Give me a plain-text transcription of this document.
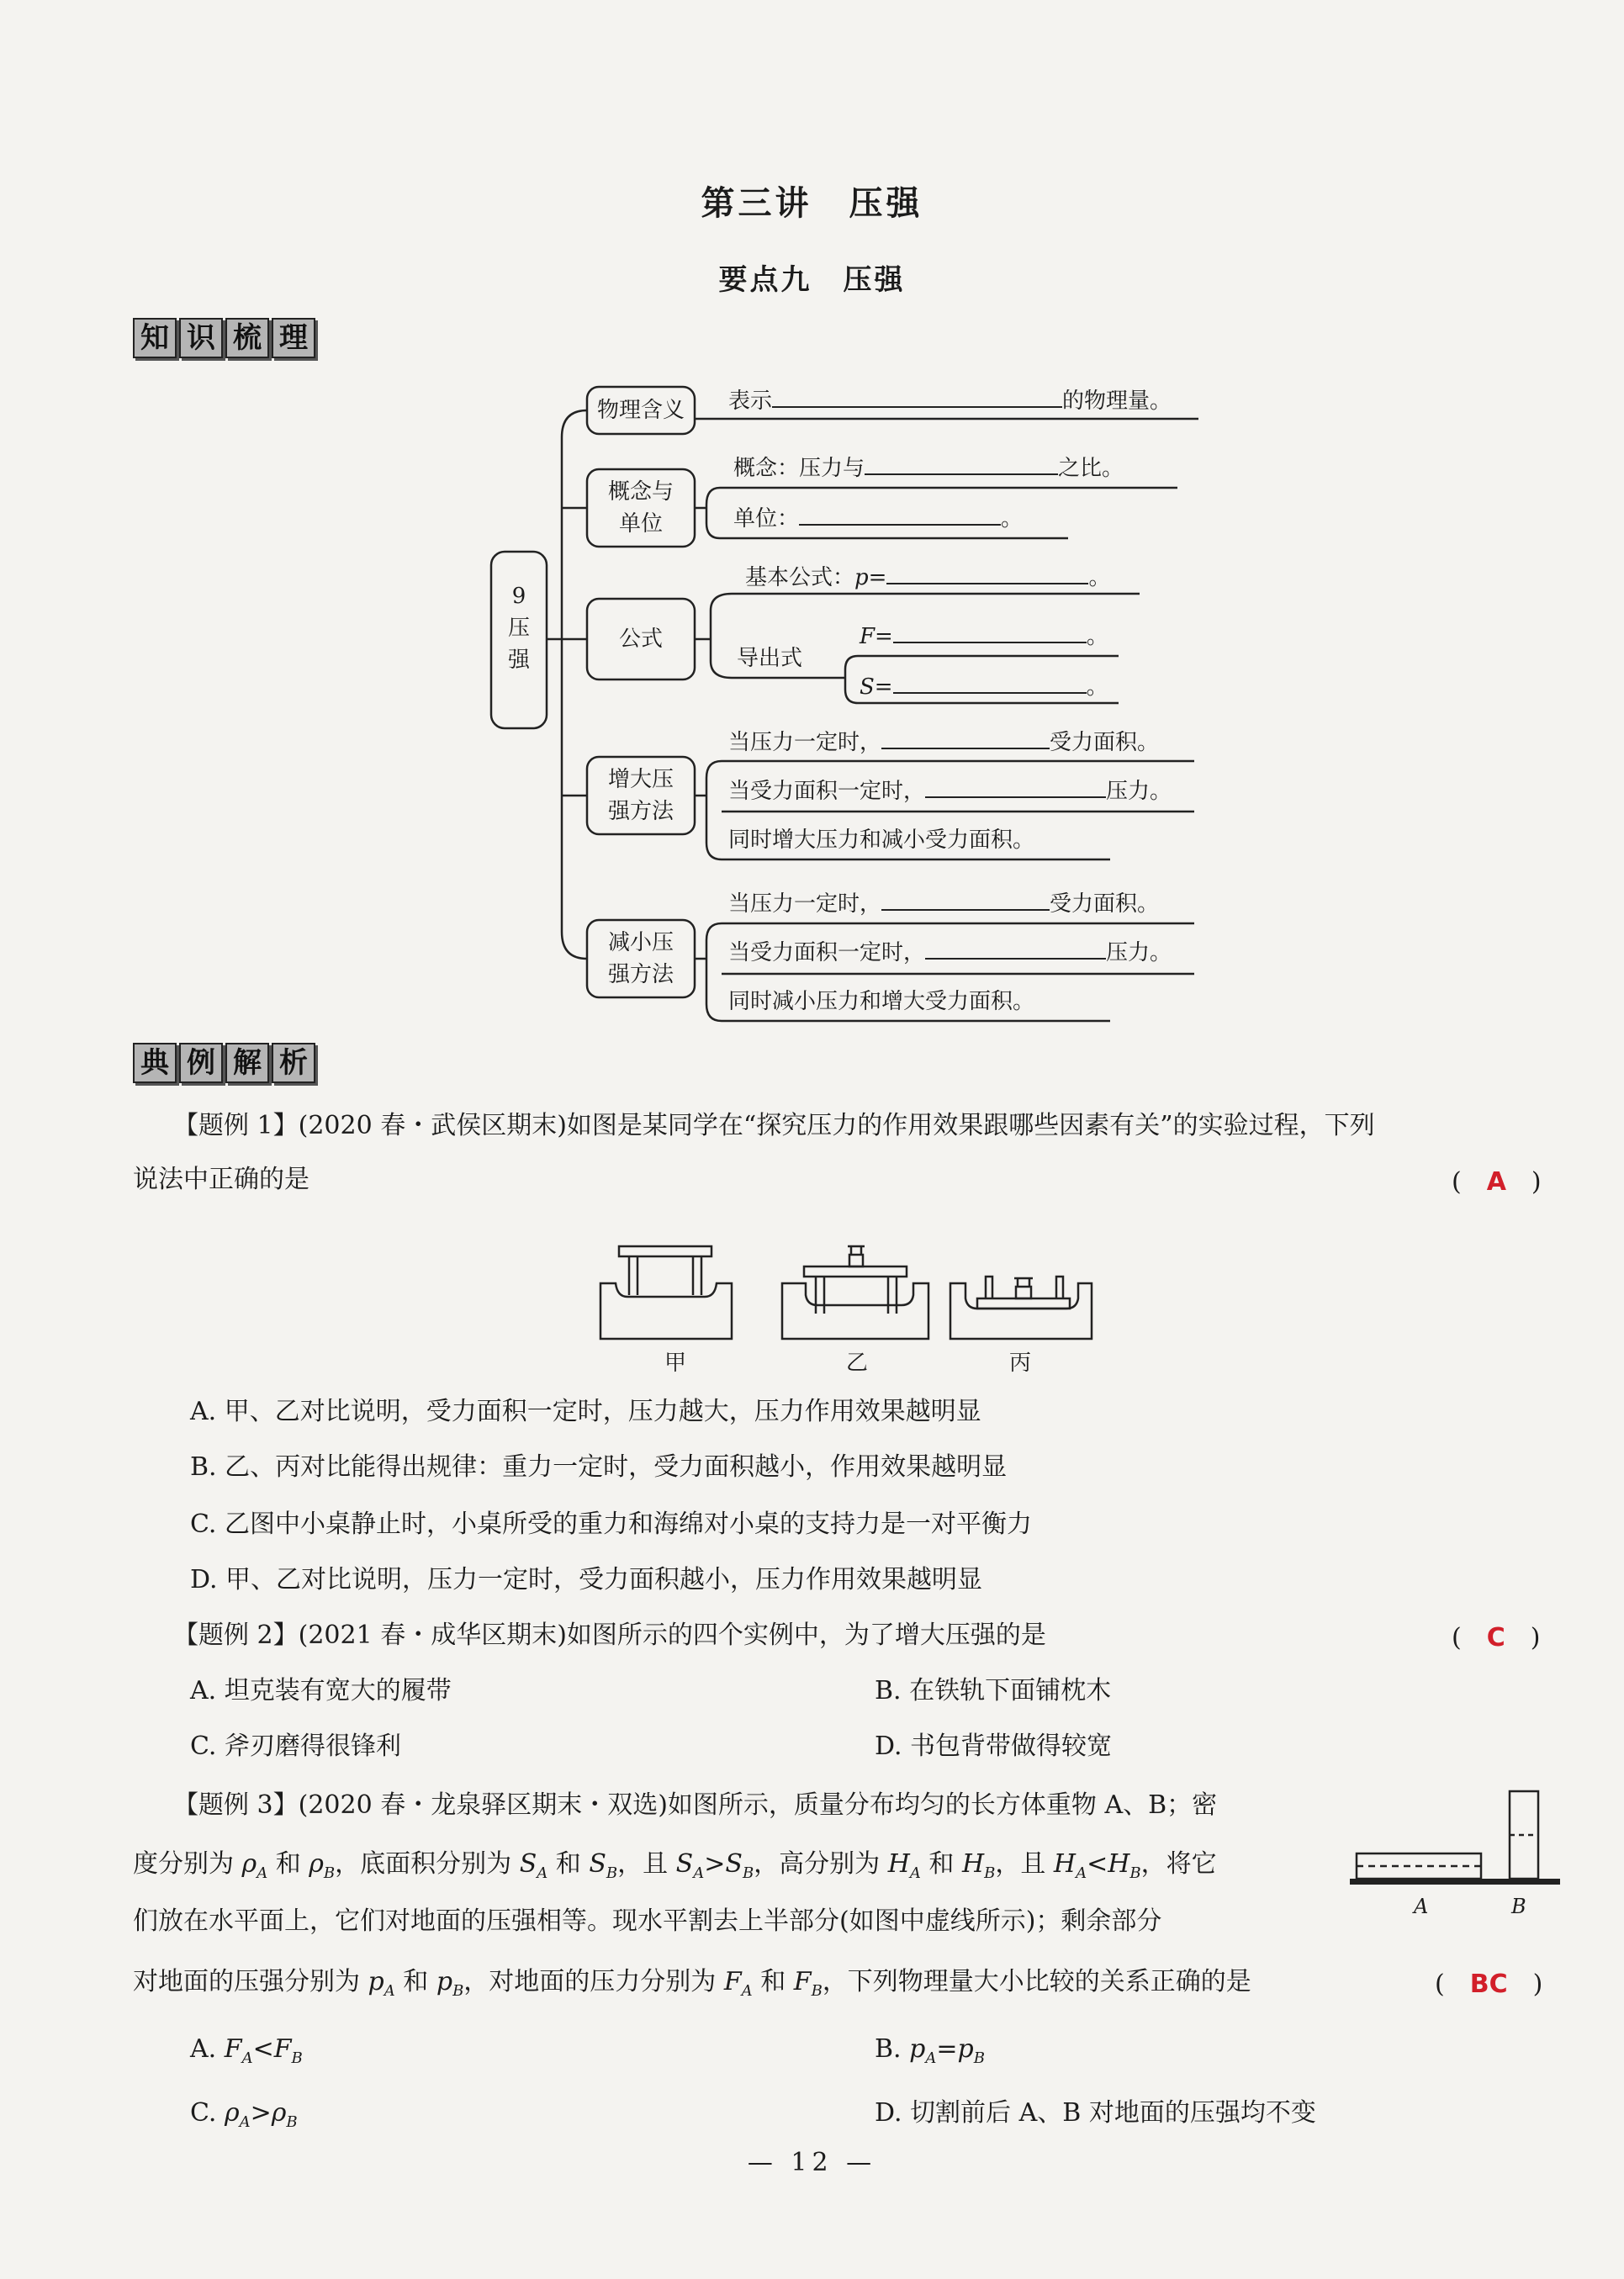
第三讲　压强
要点九　压强
知 识 梳 理
9
压
强
物理含义
概念与
单位
公式
增大压
强方法
减小压
强方法
表示	的物理量。
概念：压力与	之比。
单位：	。
基本公式：p=	。
导出式
F=	。
S=	。
当压力一定时，	受力面积。
当受力面积一定时，	压力。
同时增大压力和减小受力面积。
当压力一定时，	受力面积。
当受力面积一定时，	压力。
同时减小压力和增大受力面积。
典 例 解 析
【题例 1】(2020 春・武侯区期末)如图是某同学在“探究压力的作用效果跟哪些因素有关”的实验过程，下列
说法中正确的是	(　A　)
甲	乙	丙
A. 甲、乙对比说明，受力面积一定时，压力越大，压力作用效果越明显
B. 乙、丙对比能得出规律：重力一定时，受力面积越小，作用效果越明显
C. 乙图中小桌静止时，小桌所受的重力和海绵对小桌的支持力是一对平衡力
D. 甲、乙对比说明，压力一定时，受力面积越小，压力作用效果越明显
【题例 2】(2021 春・成华区期末)如图所示的四个实例中，为了增大压强的是	(　C　)
A. 坦克装有宽大的履带	B. 在铁轨下面铺枕木
C. 斧刃磨得很锋利	D. 书包背带做得较宽
【题例 3】(2020 春・龙泉驿区期末・双选)如图所示，质量分布均匀的长方体重物 A、B；密
度分别为 $\rho_A$ 和 $\rho_B$，底面积分别为 $S_A$ 和 $S_B$，且 $S_A>S_B$，高分别为 $H_A$ 和 $H_B$，且 $H_A<H_B$，将它
们放在水平面上，它们对地面的压强相等。现水平割去上半部分(如图中虚线所示)；剩余部分
对地面的压强分别为 $p_A$ 和 $p_B$，对地面的压力分别为 $F_A$ 和 $F_B$，下列物理量大小比较的关系正确的是	(　BC　)
A	B
A. $F_A<F_B$	B. $p_A=p_B$
C. $\rho_A>\rho_B$	D. 切割前后 A、B 对地面的压强均不变
— 12 —
